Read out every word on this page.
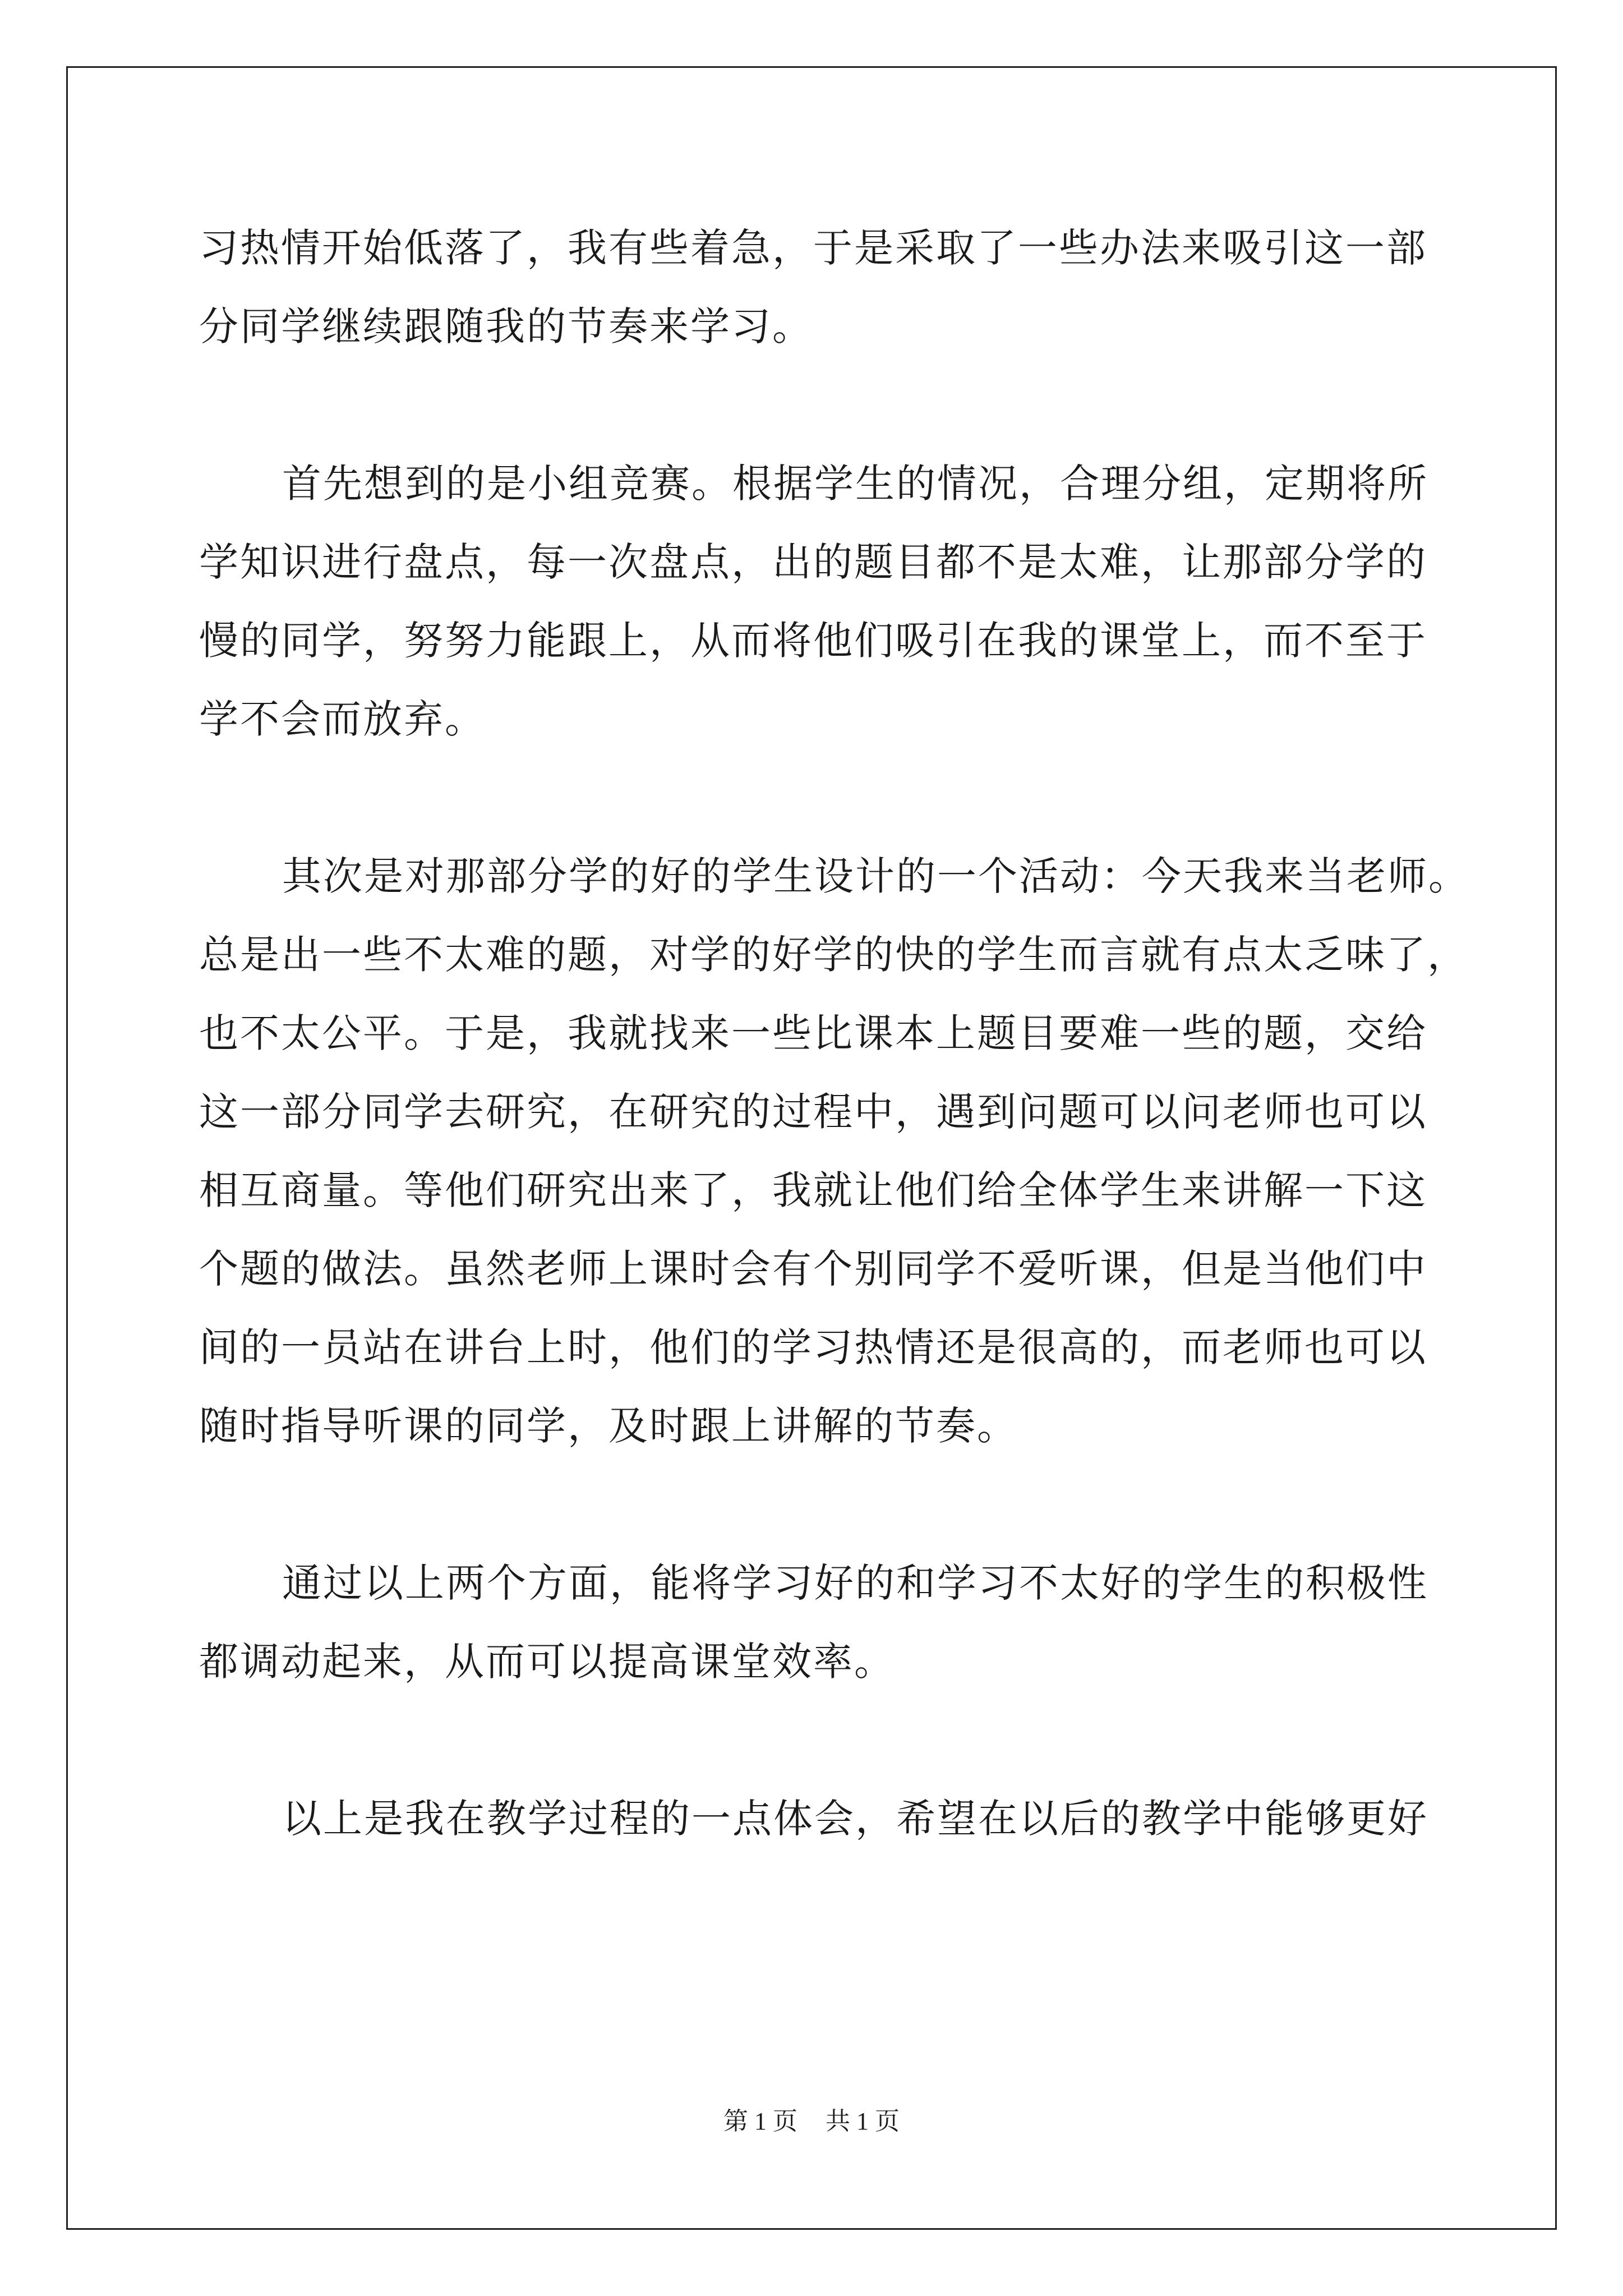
习热情开始低落了，我有些着急，于是采取了一些办法来吸引这一部
分同学继续跟随我的节奏来学习。
首先想到的是小组竞赛。根据学生的情况，合理分组，定期将所
学知识进行盘点，每一次盘点，出的题目都不是太难，让那部分学的
慢的同学，努努力能跟上，从而将他们吸引在我的课堂上，而不至于
学不会而放弃。
其次是对那部分学的好的学生设计的一个活动：今天我来当老师。
总是出一些不太难的题，对学的好学的快的学生而言就有点太乏味了，
也不太公平。于是，我就找来一些比课本上题目要难一些的题，交给
这一部分同学去研究，在研究的过程中，遇到问题可以问老师也可以
相互商量。等他们研究出来了，我就让他们给全体学生来讲解一下这
个题的做法。虽然老师上课时会有个别同学不爱听课，但是当他们中
间的一员站在讲台上时，他们的学习热情还是很高的，而老师也可以
随时指导听课的同学，及时跟上讲解的节奏。
通过以上两个方面，能将学习好的和学习不太好的学生的积极性
都调动起来，从而可以提高课堂效率。
以上是我在教学过程的一点体会，希望在以后的教学中能够更好
第 1 页 共 1 页
